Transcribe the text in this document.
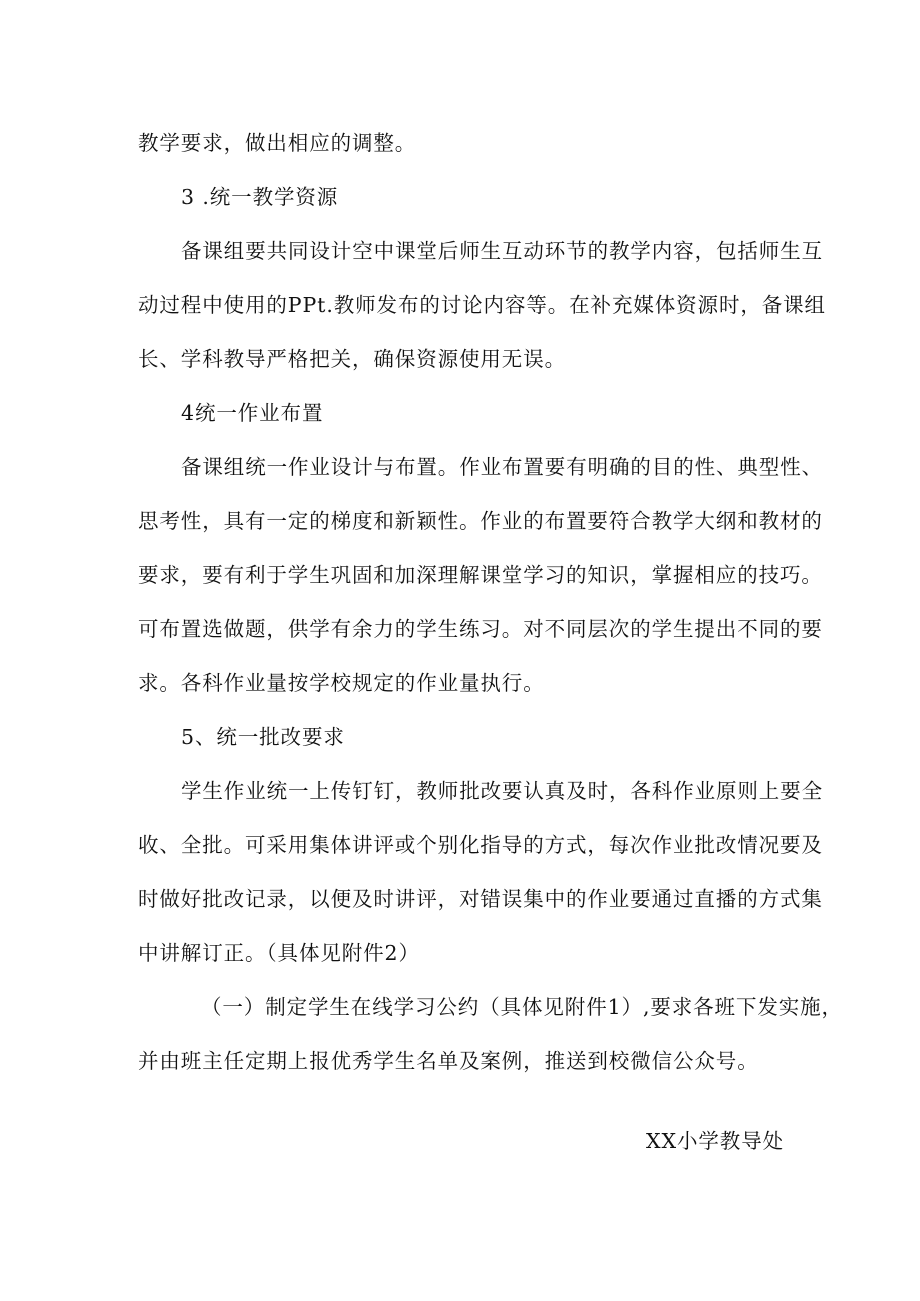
教学要求，做出相应的调整。
3 .统一教学资源
备课组要共同设计空中课堂后师生互动环节的教学内容，包括师生互
动过程中使用的PPt.教师发布的讨论内容等。在补充媒体资源时，备课组
长、学科教导严格把关，确保资源使用无误。
4统一作业布置
备课组统一作业设计与布置。作业布置要有明确的目的性、典型性、
思考性，具有一定的梯度和新颖性。作业的布置要符合教学大纲和教材的
要求，要有利于学生巩固和加深理解课堂学习的知识，掌握相应的技巧。
可布置选做题，供学有余力的学生练习。对不同层次的学生提出不同的要
求。各科作业量按学校规定的作业量执行。
5、统一批改要求
学生作业统一上传钉钉，教师批改要认真及时，各科作业原则上要全
收、全批。可采用集体讲评或个别化指导的方式，每次作业批改情况要及
时做好批改记录，以便及时讲评，对错误集中的作业要通过直播的方式集
中讲解订正。（具体见附件2）
（一）制定学生在线学习公约（具体见附件1）,要求各班下发实施，
并由班主任定期上报优秀学生名单及案例，推送到校微信公众号。
XX小学教导处
